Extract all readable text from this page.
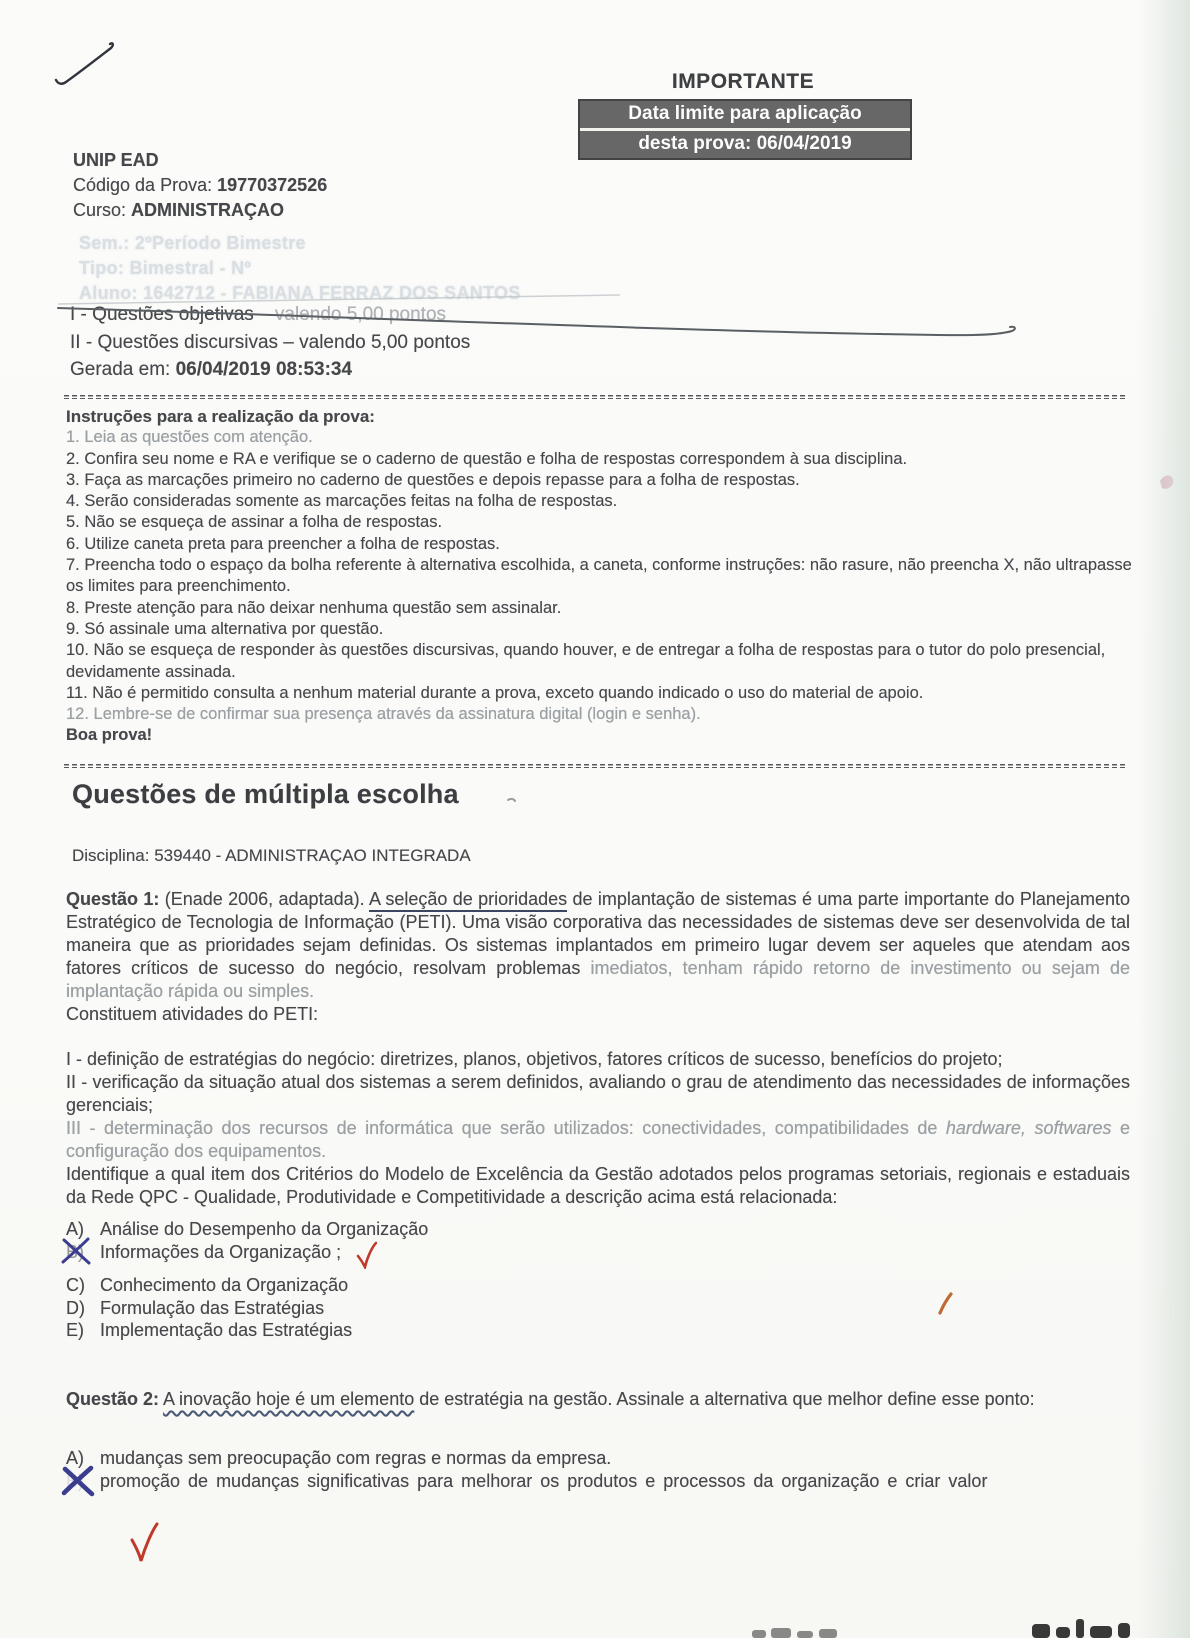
IMPORTANTE
Data limite para aplicação
desta prova: 06/04/2019
UNIP EAD
Código da Prova: 19770372526
Curso: ADMINISTRAÇAO
Sem.: 2ºPeríodo Bimestre
Tipo: Bimestral - Nº
Aluno: 1642712 - FABIANA FERRAZ DOS SANTOS
I - Questões objetivas – valendo 5,00 pontos
II - Questões discursivas – valendo 5,00 pontos
Gerada em: 06/04/2019 08:53:34
Instruções para a realização da prova:
1. Leia as questões com atenção.
2. Confira seu nome e RA e verifique se o caderno de questão e folha de respostas correspondem à sua disciplina.
3. Faça as marcações primeiro no caderno de questões e depois repasse para a folha de respostas.
4. Serão consideradas somente as marcações feitas na folha de respostas.
5. Não se esqueça de assinar a folha de respostas.
6. Utilize caneta preta para preencher a folha de respostas.
7. Preencha todo o espaço da bolha referente à alternativa escolhida, a caneta, conforme instruções: não rasure, não preencha X, não ultrapasse os limites para preenchimento.
8. Preste atenção para não deixar nenhuma questão sem assinalar.
9. Só assinale uma alternativa por questão.
10. Não se esqueça de responder às questões discursivas, quando houver, e de entregar a folha de respostas para o tutor do polo presencial, devidamente assinada.
11. Não é permitido consulta a nenhum material durante a prova, exceto quando indicado o uso do material de apoio.
12. Lembre-se de confirmar sua presença através da assinatura digital (login e senha).
Boa prova!
Questões de múltipla escolha
Disciplina: 539440 - ADMINISTRAÇAO INTEGRADA
Questão 1: (Enade 2006, adaptada). A seleção de prioridades de implantação de sistemas é uma parte importante do Planejamento Estratégico de Tecnologia de Informação (PETI). Uma visão corporativa das necessidades de sistemas deve ser desenvolvida de tal maneira que as prioridades sejam definidas. Os sistemas implantados em primeiro lugar devem ser aqueles que atendam aos fatores críticos de sucesso do negócio, resolvam problemas imediatos, tenham rápido retorno de investimento ou sejam de implantação rápida ou simples.
Constituem atividades do PETI:
I - definição de estratégias do negócio: diretrizes, planos, objetivos, fatores críticos de sucesso, benefícios do projeto;
II - verificação da situação atual dos sistemas a serem definidos, avaliando o grau de atendimento das necessidades de informações gerenciais;
III - determinação dos recursos de informática que serão utilizados: conectividades, compatibilidades de hardware, softwares e configuração dos equipamentos.
Identifique a qual item dos Critérios do Modelo de Excelência da Gestão adotados pelos programas setoriais, regionais e estaduais da Rede QPC - Qualidade, Produtividade e Competitividade a descrição acima está relacionada:
A) Análise do Desempenho da Organização
B) Informações da Organização ;
C) Conhecimento da Organização
D) Formulação das Estratégias
E) Implementação das Estratégias
Questão 2: A inovação hoje é um elemento de estratégia na gestão. Assinale a alternativa que melhor define esse ponto:
A) mudanças sem preocupação com regras e normas da empresa.
B) promoção de mudanças significativas para melhorar os produtos e processos da organização e criar valor
